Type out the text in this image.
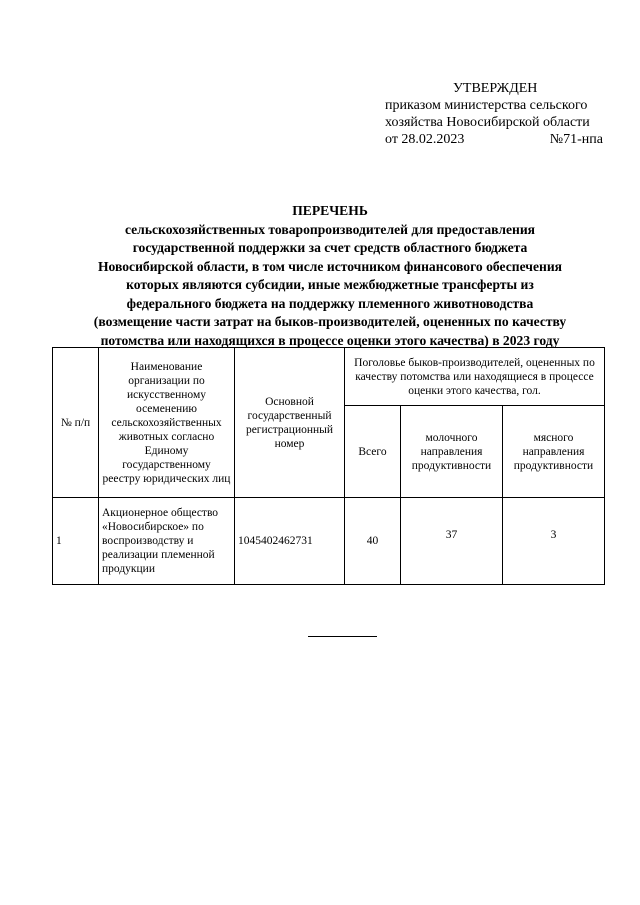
УТВЕРЖДЕН
приказом министерства сельского
хозяйства Новосибирской области
от 28.02.2023	№71-нпа
ПЕРЕЧЕНЬ
сельскохозяйственных товаропроизводителей для предоставления
государственной поддержки за счет средств областного бюджета
Новосибирской области, в том числе источником финансового обеспечения
которых являются субсидии, иные межбюджетные трансферты из
федерального бюджета на поддержку племенного животноводства
(возмещение части затрат на быков-производителей, оцененных по качеству
потомства или находящихся в процессе оценки этого качества) в 2023 году
№ п/п	Наименование организации по искусственному осеменению сельскохозяйственных животных согласно Единому государственному реестру юридических лиц	Основной государственный регистрационный номер	Поголовье быков-производителей, оцененных по качеству потомства или находящиеся в процессе оценки этого качества, гол.		
			Всего	молочного направления продуктивности	мясного направления продуктивности
1	Акционерное общество «Новосибирское» по воспроизводству и реализации племенной продукции	1045402462731	40	37	3
